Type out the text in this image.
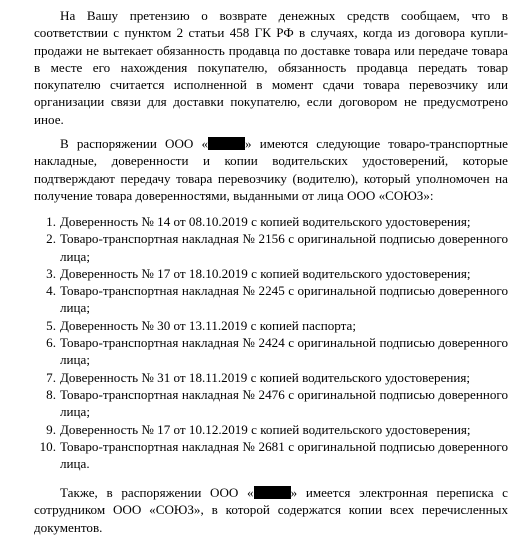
На Вашу претензию о возврате денежных средств сообщаем, что в соответствии с пунктом 2 статьи 458 ГК РФ в случаях, когда из договора купли-продажи не вытекает обязанность продавца по доставке товара или передаче товара в месте его нахождения покупателю, обязанность продавца передать товар покупателю считается исполненной в момент сдачи товара перевозчику или организации связи для доставки покупателю, если договором не предусмотрено иное.

В распоряжении ООО «	» имеются следующие товаро-транспортные накладные, доверенности и копии водительских удостоверений, которые подтверждают передачу товара перевозчику (водителю), который уполномочен на получение товара доверенностями, выданными от лица ООО «СОЮЗ»:

1. Доверенность № 14 от 08.10.2019 с копией водительского удостоверения;
2. Товаро-транспортная накладная № 2156 с оригинальной подписью доверенного лица;
3. Доверенность № 17 от 18.10.2019 с копией водительского удостоверения;
4. Товаро-транспортная накладная № 2245 с оригинальной подписью доверенного лица;
5. Доверенность № 30 от 13.11.2019 с копией паспорта;
6. Товаро-транспортная накладная № 2424 с оригинальной подписью доверенного лица;
7. Доверенность № 31 от 18.11.2019 с копией водительского удостоверения;
8. Товаро-транспортная накладная № 2476 с оригинальной подписью доверенного лица;
9. Доверенность № 17 от 10.12.2019 с копией водительского удостоверения;
10. Товаро-транспортная накладная № 2681 с оригинальной подписью доверенного лица.

Также, в распоряжении ООО «	» имеется электронная переписка с сотрудником ООО «СОЮЗ», в которой содержатся копии всех перечисленных документов.
